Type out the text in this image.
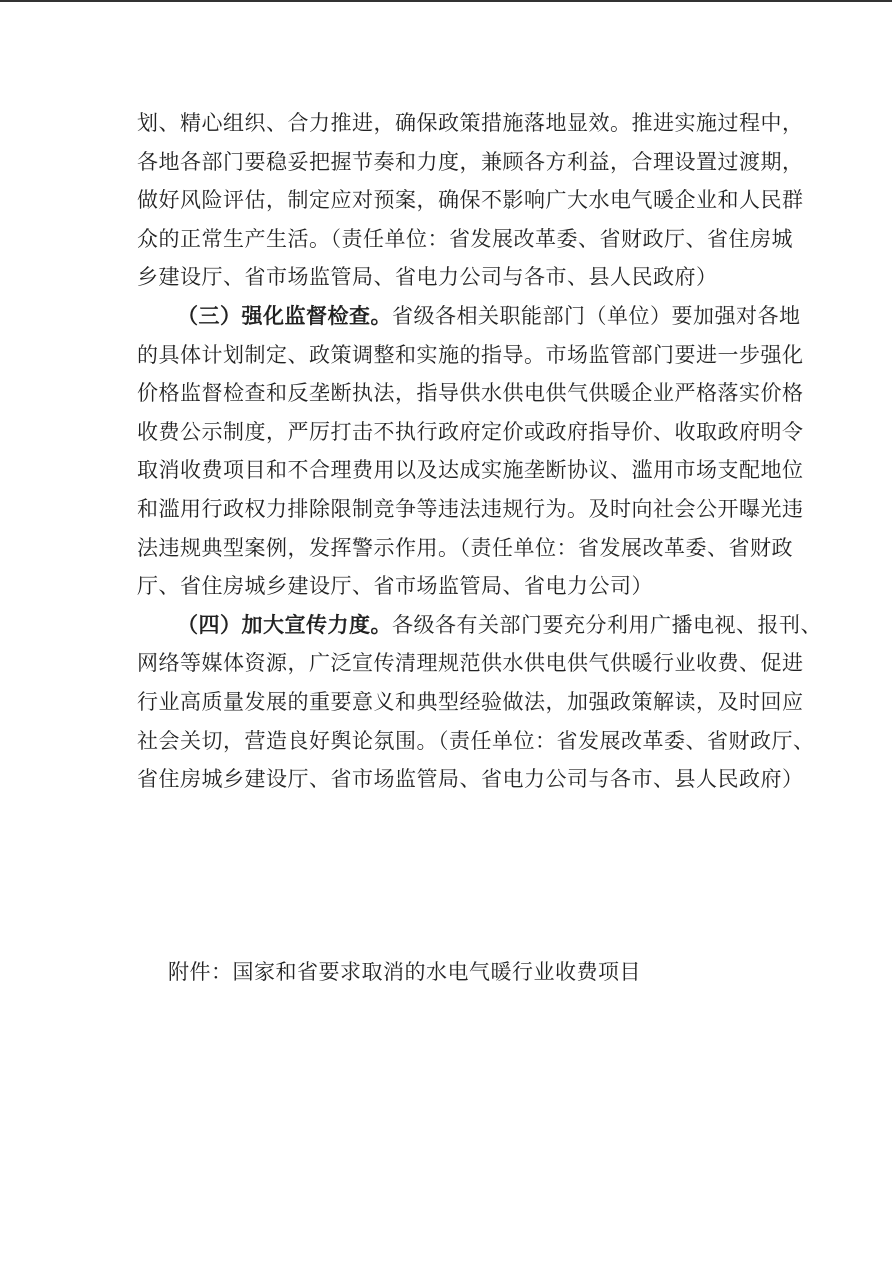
划、精心组织、合力推进，确保政策措施落地显效。推进实施过程中，
各地各部门要稳妥把握节奏和力度，兼顾各方利益，合理设置过渡期，
做好风险评估，制定应对预案，确保不影响广大水电气暖企业和人民群
众的正常生产生活。（责任单位：省发展改革委、省财政厅、省住房城
乡建设厅、省市场监管局、省电力公司与各市、县人民政府）
（三）强化监督检查。省级各相关职能部门（单位）要加强对各地
的具体计划制定、政策调整和实施的指导。市场监管部门要进一步强化
价格监督检查和反垄断执法，指导供水供电供气供暖企业严格落实价格
收费公示制度，严厉打击不执行政府定价或政府指导价、收取政府明令
取消收费项目和不合理费用以及达成实施垄断协议、滥用市场支配地位
和滥用行政权力排除限制竞争等违法违规行为。及时向社会公开曝光违
法违规典型案例，发挥警示作用。（责任单位：省发展改革委、省财政
厅、省住房城乡建设厅、省市场监管局、省电力公司）
（四）加大宣传力度。各级各有关部门要充分利用广播电视、报刊、
网络等媒体资源，广泛宣传清理规范供水供电供气供暖行业收费、促进
行业高质量发展的重要意义和典型经验做法，加强政策解读，及时回应
社会关切，营造良好舆论氛围。（责任单位：省发展改革委、省财政厅、
省住房城乡建设厅、省市场监管局、省电力公司与各市、县人民政府）
附件：国家和省要求取消的水电气暖行业收费项目
